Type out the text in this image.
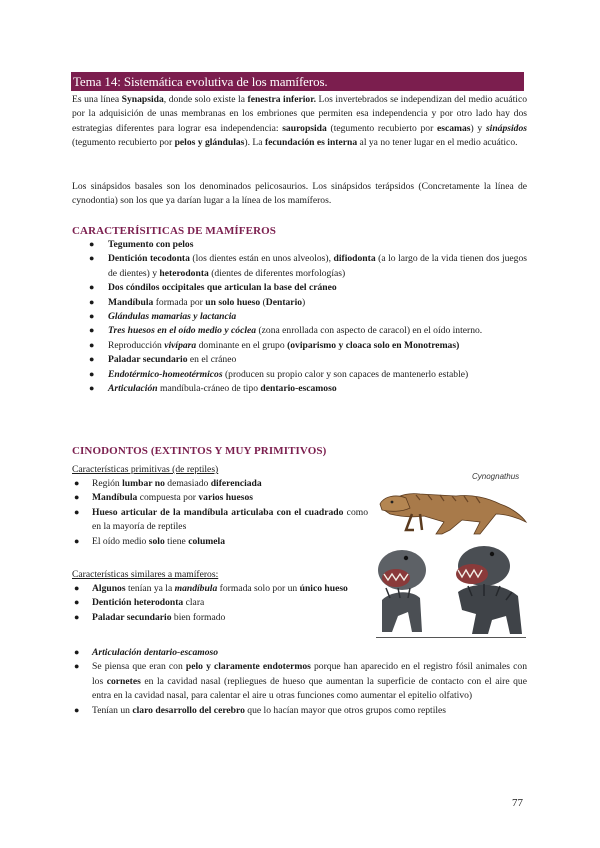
Tema 14: Sistemática evolutiva de los mamíferos.
Es una línea Synapsida, donde solo existe la fenestra inferior. Los invertebrados se independizan del medio acuático por la adquisición de unas membranas en los embriones que permiten esa independencia y por otro lado hay dos estrategias diferentes para lograr esa independencia: sauropsida (tegumento recubierto por escamas) y sinápsidos (tegumento recubierto por pelos y glándulas). La fecundación es interna al ya no tener lugar en el medio acuático.
Los sinápsidos basales son los denominados pelicosaurios. Los sinápsidos terápsidos (Concretamente la línea de cynodontia) son los que ya darían lugar a la línea de los mamíferos.
CARACTERÍSITICAS DE MAMÍFEROS
● Tegumento con pelos
● Dentición tecodonta (los dientes están en unos alveolos), difiodonta (a lo largo de la vida tienen dos juegos de dientes) y heterodonta (dientes de diferentes morfologías)
● Dos cóndilos occipitales que articulan la base del cráneo
● Mandíbula formada por un solo hueso (Dentario)
● Glándulas mamarias y lactancia
● Tres huesos en el oído medio y cóclea (zona enrollada con aspecto de caracol) en el oído interno.
● Reproducción vivípara dominante en el grupo (oviparismo y cloaca solo en Monotremas)
● Paladar secundario en el cráneo
● Endotérmico-homeotérmicos (producen su propio calor y son capaces de mantenerlo estable)
● Articulación mandíbula-cráneo de tipo dentario-escamoso
CINODONTOS (EXTINTOS Y MUY PRIMITIVOS)
Características primitivas (de reptiles)
● Región lumbar no demasiado diferenciada
● Mandíbula compuesta por varios huesos
● Hueso articular de la mandíbula articulaba con el cuadrado como en la mayoría de reptiles
● El oído medio solo tiene columela
Características similares a mamíferos:
● Algunos tenían ya la mandíbula formada solo por un único hueso
● Dentición heterodonta clara
● Paladar secundario bien formado
● Articulación dentario-escamoso
● Se piensa que eran con pelo y claramente endotermos porque han aparecido en el registro fósil animales con los cornetes en la cavidad nasal (repliegues de hueso que aumentan la superficie de contacto con el aire que entra en la cavidad nasal, para calentar el aire u otras funciones como aumentar el epitelio olfativo)
● Tenían un claro desarrollo del cerebro que lo hacían mayor que otros grupos como reptiles
Cynognathus
77
